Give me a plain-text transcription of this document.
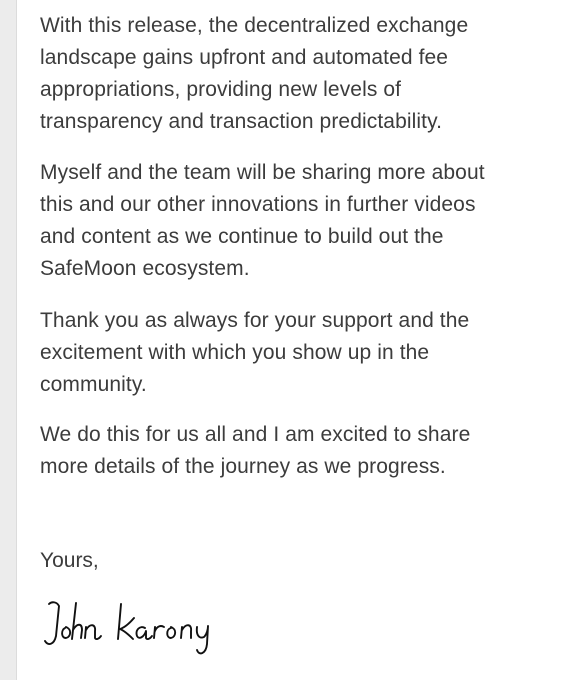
With this release, the decentralized exchange
landscape gains upfront and automated fee
appropriations, providing new levels of
transparency and transaction predictability.

Myself and the team will be sharing more about
this and our other innovations in further videos
and content as we continue to build out the
SafeMoon ecosystem.

Thank you as always for your support and the
excitement with which you show up in the
community.

We do this for us all and I am excited to share
more details of the journey as we progress.

Yours,
